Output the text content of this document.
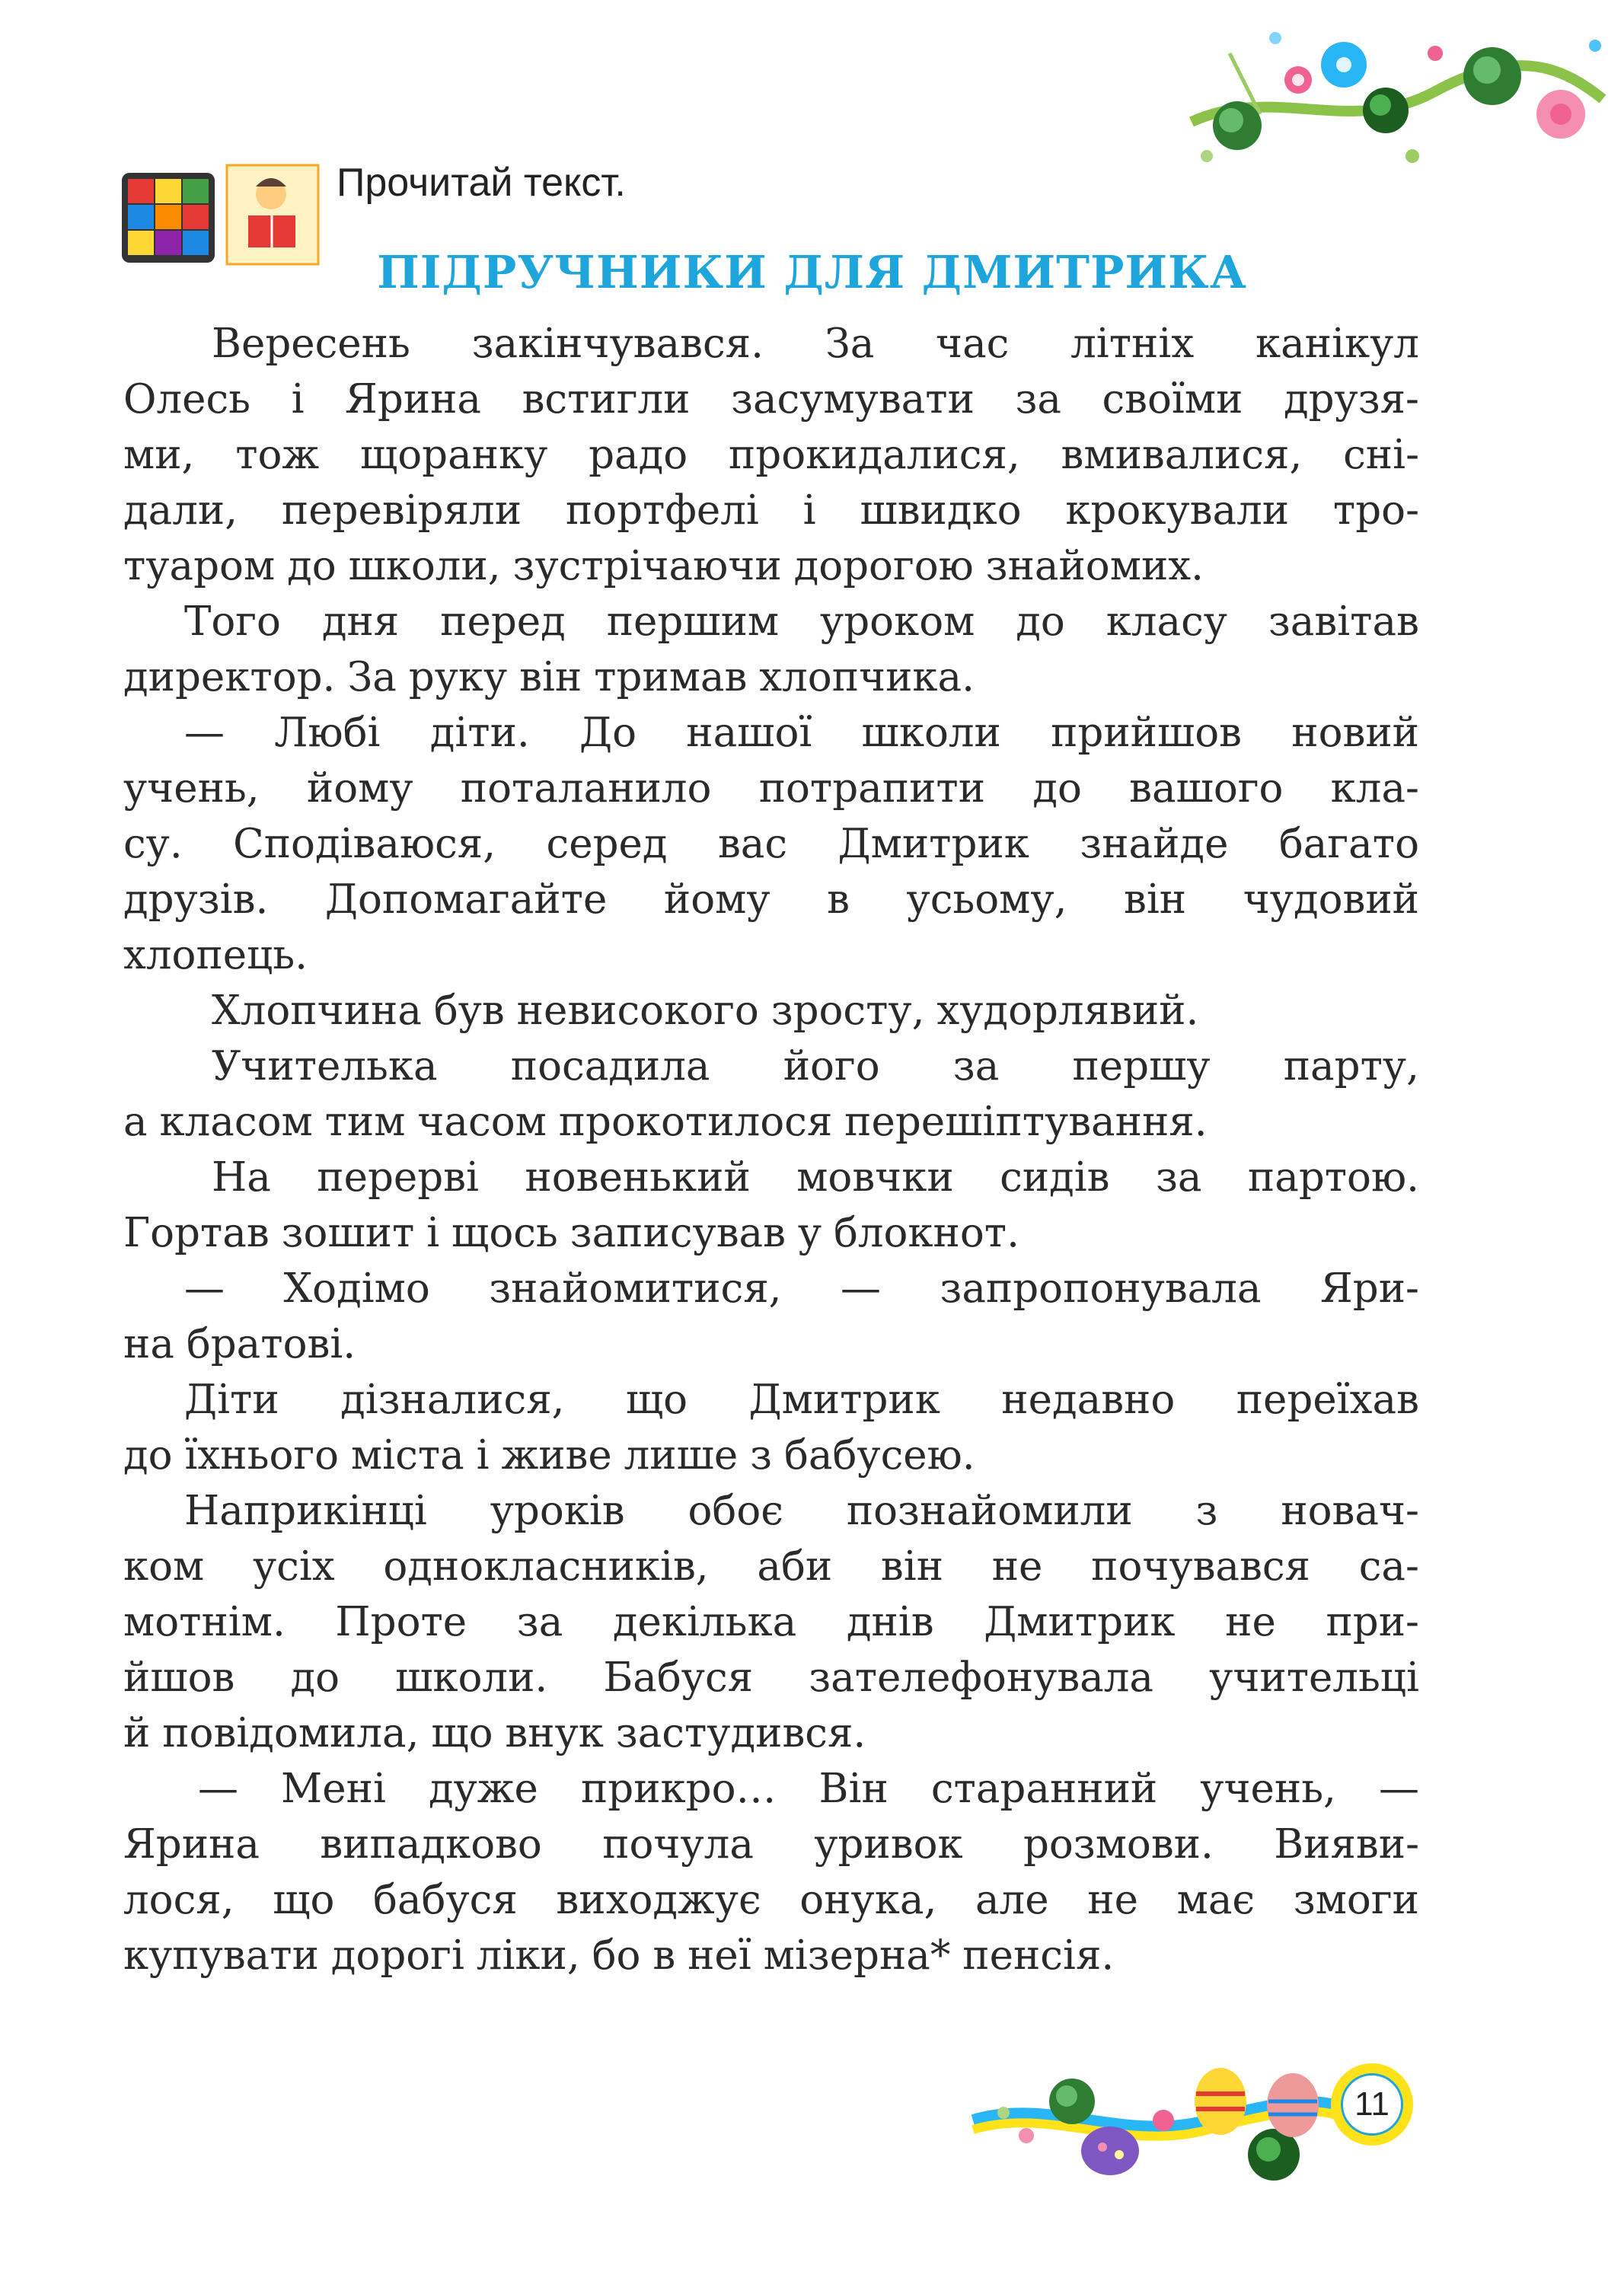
Прочитай текст.
ПІДРУЧНИКИ ДЛЯ ДМИТРИКА
Вересень закінчувався. За час літніх канікул
Олесь і Ярина встигли засумувати за своїми друзя-
ми, тож щоранку радо прокидалися, вмивалися, сні-
дали, перевіряли портфелі і швидко крокували тро-
туаром до школи, зустрічаючи дорогою знайомих.
Того дня перед першим уроком до класу завітав
директор. За руку він тримав хлопчика.
— Любі діти. До нашої школи прийшов новий
учень, йому поталанило потрапити до вашого кла-
су. Сподіваюся, серед вас Дмитрик знайде багато
друзів. Допомагайте йому в усьому, він чудовий
хлопець.
Хлопчина був невисокого зросту, худорлявий.
Учителька посадила його за першу парту,
а класом тим часом прокотилося перешіптування.
На перерві новенький мовчки сидів за партою.
Гортав зошит і щось записував у блокнот.
— Ходімо знайомитися, — запропонувала Яри-
на братові.
Діти дізналися, що Дмитрик недавно переїхав
до їхнього міста і живе лише з бабусею.
Наприкінці уроків обоє познайомили з новач-
ком усіх однокласників, аби він не почувався са-
мотнім. Проте за декілька днів Дмитрик не при-
йшов до школи. Бабуся зателефонувала учительці
й повідомила, що внук застудився.
— Мені дуже прикро… Він старанний учень, —
Ярина випадково почула уривок розмови. Вияви-
лося, що бабуся виходжує онука, але не має змоги
купувати дорогі ліки, бо в неї мізерна* пенсія.
11
